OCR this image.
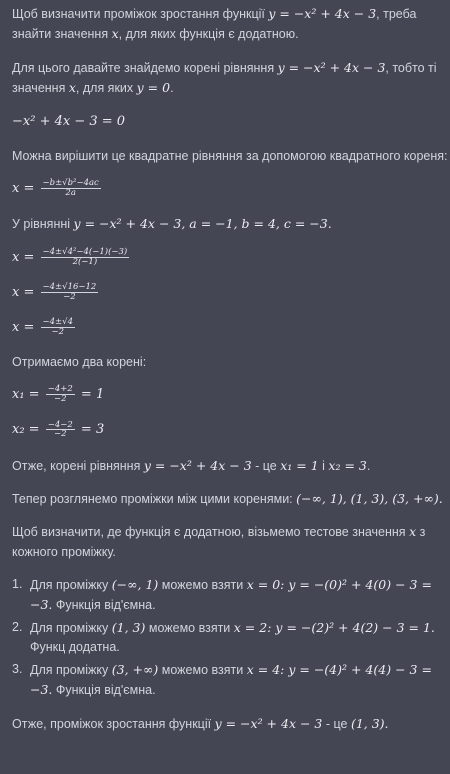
Щоб визначити проміжок зростання функції y = −x² + 4x − 3, треба знайти значення x, для яких функція є додатною.

Для цього давайте знайдемо корені рівняння y = −x² + 4x − 3, тобто ті значення x, для яких y = 0.

−x² + 4x − 3 = 0

Можна вирішити це квадратне рівняння за допомогою квадратного кореня:

$x = \frac{\text{−b±√b²−4ac}}{2a}$

У рівнянні y = −x² + 4x − 3, a = −1, b = 4, c = −3.

$x = \frac{\text{−4±√4²−4(−1)(−3)}}{2(-1)}$
$x = \frac{-4\pm√16-12}{-2}$
$x = \frac{-4\pm√4}{-2}$

Отримаємо два корені:

$x_1 = \frac{-4+2}{-2} = 1$
$x_2 = \frac{-4-2}{-2} = 3$

Отже, корені рівняння y = −x² + 4x − 3 - це x₁ = 1 і x₂ = 3.

Тепер розглянемо проміжки між цими коренями: (−∞, 1), (1, 3), (3, +∞).

Щоб визначити, де функція є додатною, візьмемо тестове значення x з кожного проміжку.

1. Для проміжку (−∞, 1) можемо взяти x = 0: y = −(0)² + 4(0) − 3 = −3. Функція від'ємна.
2. Для проміжку (1, 3) можемо взяти x = 2: y = −(2)² + 4(2) − 3 = 1. Функц додатна.
3. Для проміжку (3, +∞) можемо взяти x = 4: y = −(4)² + 4(4) − 3 = −3. Функція від'ємна.

Отже, проміжок зростання функції y = −x² + 4x − 3 - це (1, 3).
